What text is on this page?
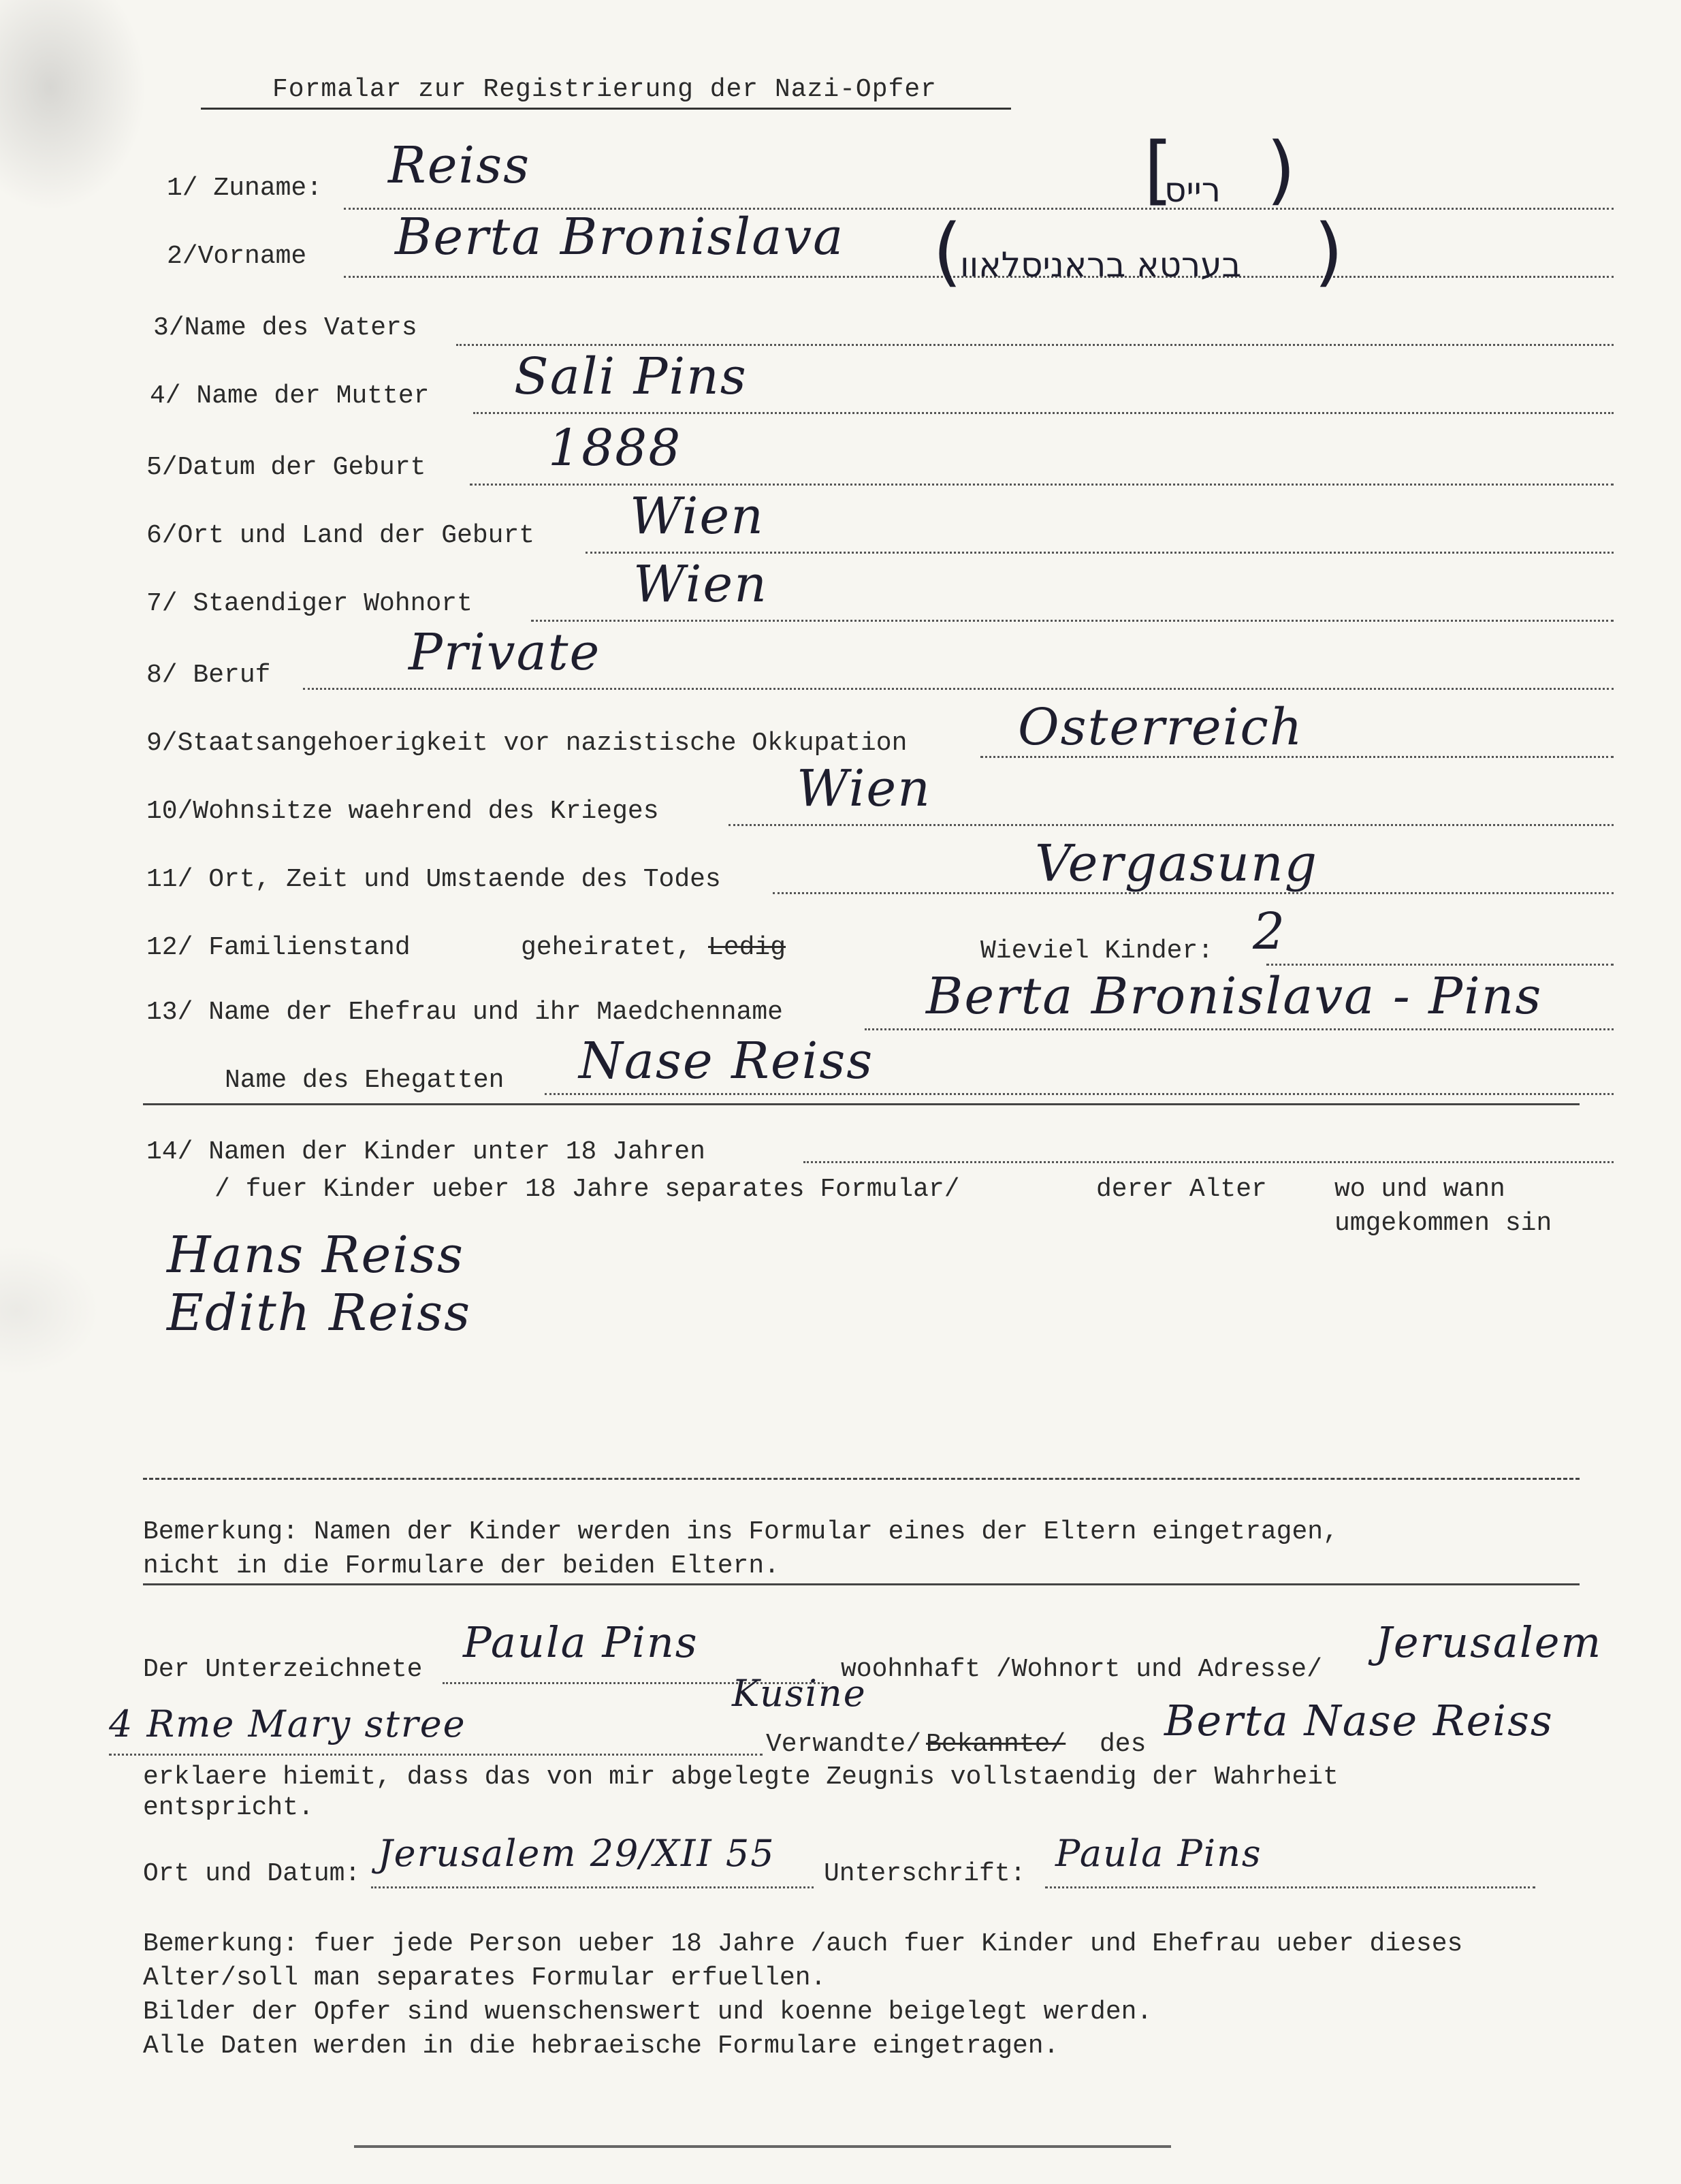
Formalar zur Registrierung der Nazi-Opfer
1/ Zuname: Reiss	[
רייס )
2/Vorname Berta Bronislava (
בערטא בראניסלאוו )
3/Name des Vaters
4/ Name der Mutter Sali Pins
5/Datum der Geburt 1888
6/Ort und Land der Geburt Wien
7/ Staendiger Wohnort	Wien
8/ Beruf	Private
9/Staatsangehoerigkeit vor nazistische Okkupation Osterreich
10/Wohnsitze waehrend des Krieges	Wien
11/ Ort, Zeit und Umstaende des Todes	Vergasung
12/ Familienstand	geheiratet, Ledig	Wieviel Kinder: 2
13/ Name der Ehefrau und ihr Maedchenname	Berta Bronislava - Pins
Name des Ehegatten Nase Reiss
14/ Namen der Kinder unter 18 Jahren
/ fuer Kinder ueber 18 Jahre separates Formular/	derer Alter	wo und wann
umgekommen sin
Hans Reiss
Edith Reiss
Bemerkung: Namen der Kinder werden ins Formular eines der Eltern eingetragen,
nicht in die Formulare der beiden Eltern.
Der Unterzeichnete
Paula Pins
woohnhaft /Wohnort und Adresse/
Jerusalem
4 Rme Mary stree
Kusine
Verwandte/ Bekannte/ des Berta Nase Reiss
erklaere hiemit, dass das von mir abgelegte Zeugnis vollstaendig der Wahrheit
entspricht.
Ort und Datum: Jerusalem 29/XII 55 Unterschrift: Paula Pins
Bemerkung: fuer jede Person ueber 18 Jahre /auch fuer Kinder und Ehefrau ueber dieses
Alter/soll man separates Formular erfuellen.
Bilder der Opfer sind wuenschenswert und koenne beigelegt werden.
Alle Daten werden in die hebraeische Formulare eingetragen.
